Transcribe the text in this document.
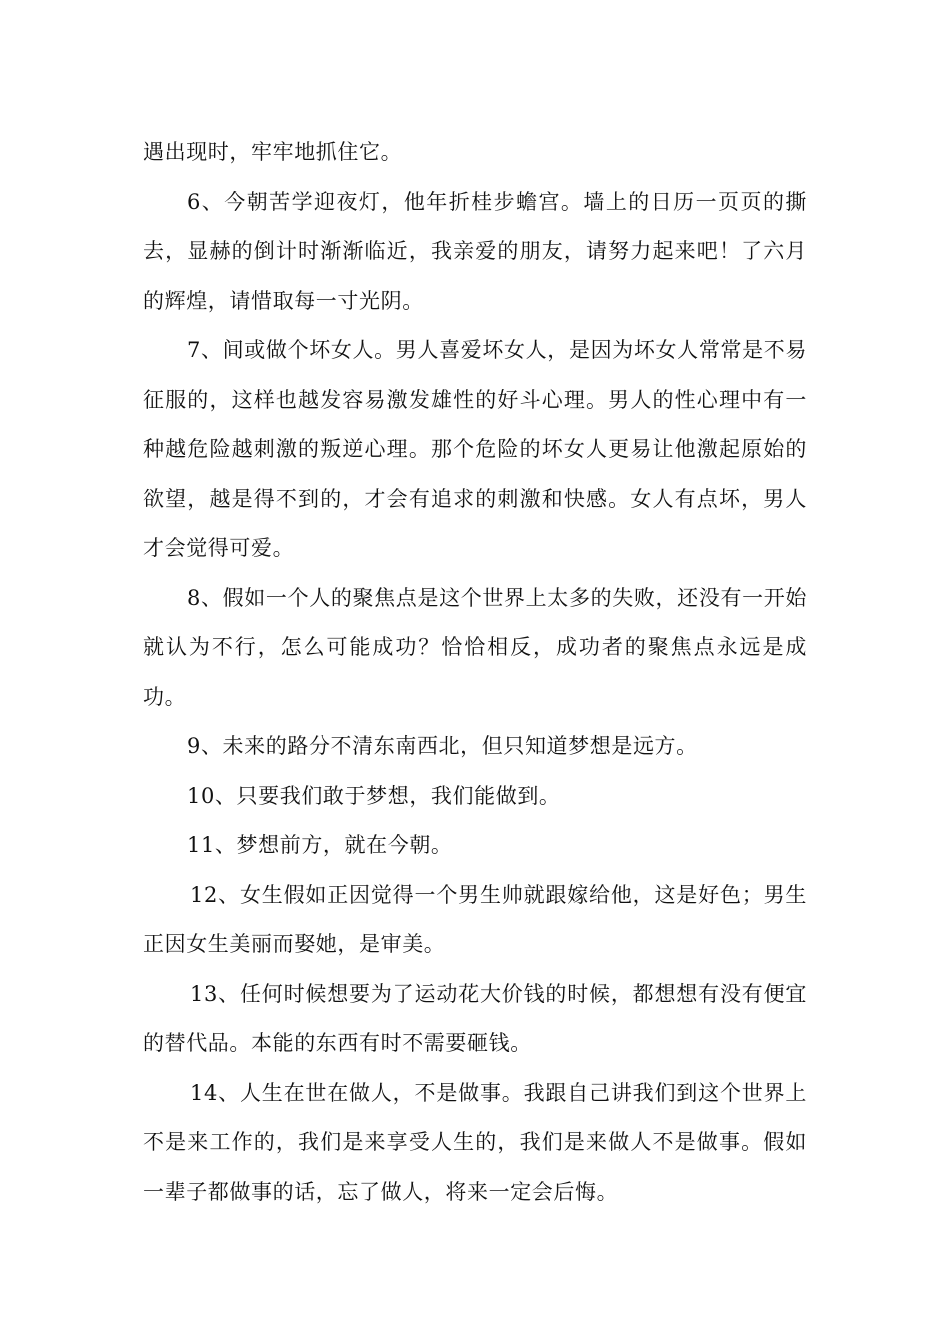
遇出现时，牢牢地抓住它。

6、今朝苦学迎夜灯，他年折桂步蟾宫。墙上的日历一页页的撕去，显赫的倒计时渐渐临近，我亲爱的朋友，请努力起来吧！了六月的辉煌，请惜取每一寸光阴。

7、间或做个坏女人。男人喜爱坏女人，是因为坏女人常常是不易征服的，这样也越发容易激发雄性的好斗心理。男人的性心理中有一种越危险越刺激的叛逆心理。那个危险的坏女人更易让他激起原始的欲望，越是得不到的，才会有追求的刺激和快感。女人有点坏，男人才会觉得可爱。

8、假如一个人的聚焦点是这个世界上太多的失败，还没有一开始就认为不行，怎么可能成功？恰恰相反，成功者的聚焦点永远是成功。

9、未来的路分不清东南西北，但只知道梦想是远方。

10、只要我们敢于梦想，我们能做到。

11、梦想前方，就在今朝。

12、女生假如正因觉得一个男生帅就跟嫁给他，这是好色；男生正因女生美丽而娶她，是审美。

13、任何时候想要为了运动花大价钱的时候，都想想有没有便宜的替代品。本能的东西有时不需要砸钱。

14、人生在世在做人，不是做事。我跟自己讲我们到这个世界上不是来工作的，我们是来享受人生的，我们是来做人不是做事。假如一辈子都做事的话，忘了做人，将来一定会后悔。
